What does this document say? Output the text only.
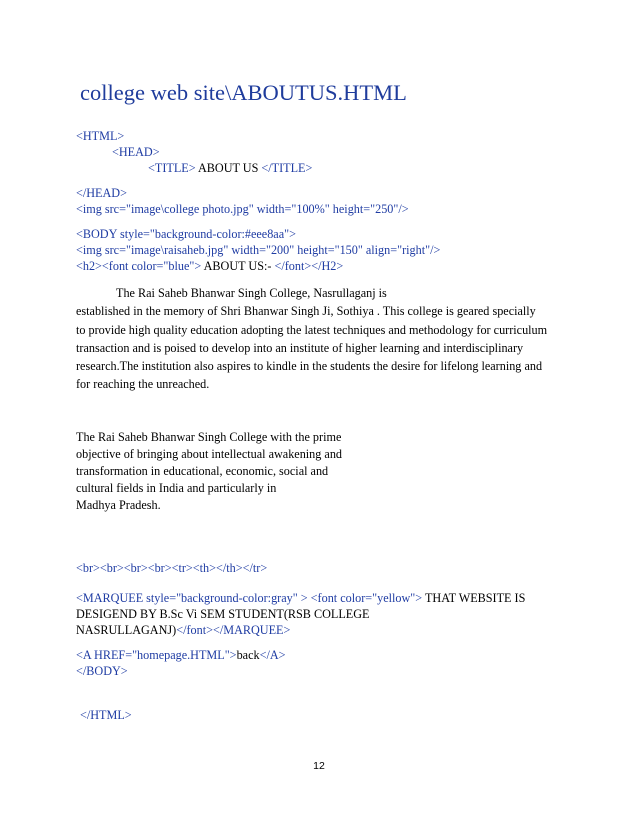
college web site\ABOUTUS.HTML
<HTML>
<HEAD>
<TITLE> ABOUT US </TITLE>
</HEAD>
<img src="image\college photo.jpg" width="100%" height="250"/>
<BODY style="background-color:#eee8aa">
<img src="image\raisaheb.jpg" width="200" height="150" align="right"/>
<h2><font color="blue"> ABOUT US:- </font></H2>
The Rai Saheb Bhanwar Singh College, Nasrullaganj is
established in the memory of Shri Bhanwar Singh Ji, Sothiya . This college is geared specially
to provide high quality education adopting the latest techniques and methodology for curriculum
transaction and is poised to develop into an institute of higher learning and interdisciplinary
research.The institution also aspires to kindle in the students the desire for lifelong learning and
for reaching the unreached.
The Rai Saheb Bhanwar Singh College with the prime
objective of bringing about intellectual awakening and
transformation in educational, economic, social and
cultural fields in India and particularly in
Madhya Pradesh.
<br><br><br><br><tr><th></th></tr>
<MARQUEE style="background-color:gray" > <font color="yellow"> THAT WEBSITE IS
DESIGEND BY B.Sc Vi SEM STUDENT(RSB COLLEGE
NASRULLAGANJ)</font></MARQUEE>
<A HREF="homepage.HTML">back</A>
</BODY>
</HTML>
12
